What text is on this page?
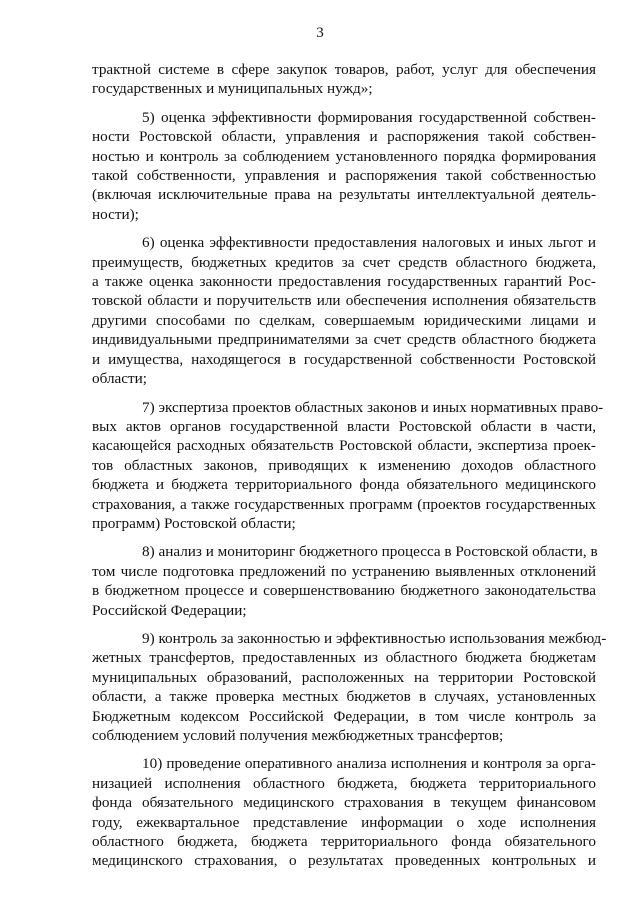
3
трактной системе в сфере закупок товаров, работ, услуг для обеспечения
государственных и муниципальных нужд»;
5) оценка эффективности формирования государственной собствен-
ности Ростовской области, управления и распоряжения такой собствен-
ностью и контроль за соблюдением установленного порядка формирования
такой собственности, управления и распоряжения такой собственностью
(включая исключительные права на результаты интеллектуальной деятель-
ности);
6) оценка эффективности предоставления налоговых и иных льгот и
преимуществ, бюджетных кредитов за счет средств областного бюджета,
а также оценка законности предоставления государственных гарантий Рос-
товской области и поручительств или обеспечения исполнения обязательств
другими способами по сделкам, совершаемым юридическими лицами и
индивидуальными предпринимателями за счет средств областного бюджета
и имущества, находящегося в государственной собственности Ростовской
области;
7) экспертиза проектов областных законов и иных нормативных право-
вых актов органов государственной власти Ростовской области в части,
касающейся расходных обязательств Ростовской области, экспертиза проек-
тов областных законов, приводящих к изменению доходов областного
бюджета и бюджета территориального фонда обязательного медицинского
страхования, а также государственных программ (проектов государственных
программ) Ростовской области;
8) анализ и мониторинг бюджетного процесса в Ростовской области, в
том числе подготовка предложений по устранению выявленных отклонений
в бюджетном процессе и совершенствованию бюджетного законодательства
Российской Федерации;
9) контроль за законностью и эффективностью использования межбюд-
жетных трансфертов, предоставленных из областного бюджета бюджетам
муниципальных образований, расположенных на территории Ростовской
области, а также проверка местных бюджетов в случаях, установленных
Бюджетным кодексом Российской Федерации, в том числе контроль за
соблюдением условий получения межбюджетных трансфертов;
10) проведение оперативного анализа исполнения и контроля за орга-
низацией исполнения областного бюджета, бюджета территориального
фонда обязательного медицинского страхования в текущем финансовом
году, ежеквартальное представление информации о ходе исполнения
областного бюджета, бюджета территориального фонда обязательного
медицинского страхования, о результатах проведенных контрольных и
